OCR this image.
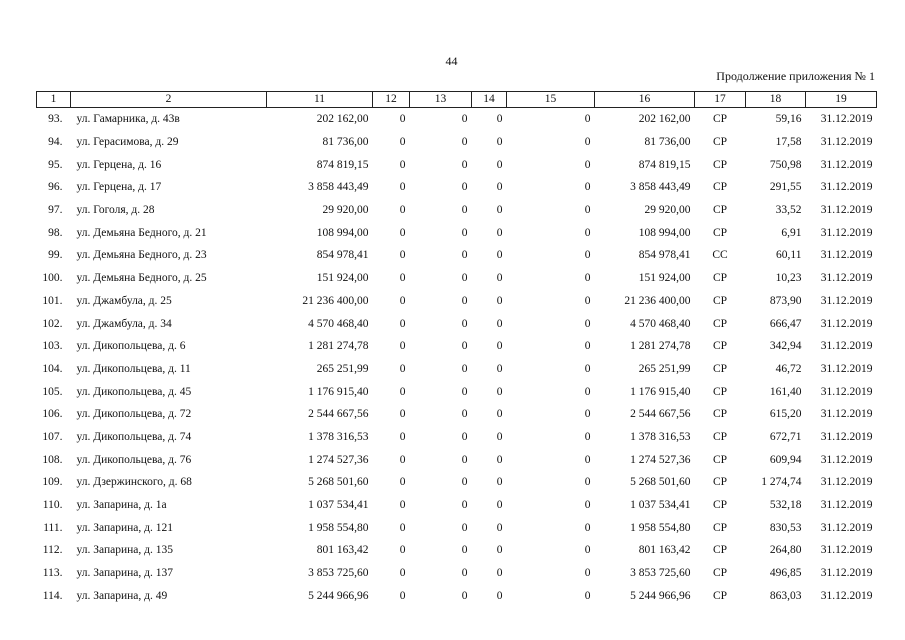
44
Продолжение приложения № 1
1	2	11	12	13	14	15	16	17	18	19
93.	ул. Гамарника, д. 43в	202 162,00	0	0	0	0	202 162,00	СР	59,16	31.12.2019
94.	ул. Герасимова, д. 29	81 736,00	0	0	0	0	81 736,00	СР	17,58	31.12.2019
95.	ул. Герцена, д. 16	874 819,15	0	0	0	0	874 819,15	СР	750,98	31.12.2019
96.	ул. Герцена, д. 17	3 858 443,49	0	0	0	0	3 858 443,49	СР	291,55	31.12.2019
97.	ул. Гоголя, д. 28	29 920,00	0	0	0	0	29 920,00	СР	33,52	31.12.2019
98.	ул. Демьяна Бедного, д. 21	108 994,00	0	0	0	0	108 994,00	СР	6,91	31.12.2019
99.	ул. Демьяна Бедного, д. 23	854 978,41	0	0	0	0	854 978,41	СС	60,11	31.12.2019
100.	ул. Демьяна Бедного, д. 25	151 924,00	0	0	0	0	151 924,00	СР	10,23	31.12.2019
101.	ул. Джамбула, д. 25	21 236 400,00	0	0	0	0	21 236 400,00	СР	873,90	31.12.2019
102.	ул. Джамбула, д. 34	4 570 468,40	0	0	0	0	4 570 468,40	СР	666,47	31.12.2019
103.	ул. Дикопольцева, д. 6	1 281 274,78	0	0	0	0	1 281 274,78	СР	342,94	31.12.2019
104.	ул. Дикопольцева, д. 11	265 251,99	0	0	0	0	265 251,99	СР	46,72	31.12.2019
105.	ул. Дикопольцева, д. 45	1 176 915,40	0	0	0	0	1 176 915,40	СР	161,40	31.12.2019
106.	ул. Дикопольцева, д. 72	2 544 667,56	0	0	0	0	2 544 667,56	СР	615,20	31.12.2019
107.	ул. Дикопольцева, д. 74	1 378 316,53	0	0	0	0	1 378 316,53	СР	672,71	31.12.2019
108.	ул. Дикопольцева, д. 76	1 274 527,36	0	0	0	0	1 274 527,36	СР	609,94	31.12.2019
109.	ул. Дзержинского, д. 68	5 268 501,60	0	0	0	0	5 268 501,60	СР	1 274,74	31.12.2019
110.	ул. Запарина, д. 1а	1 037 534,41	0	0	0	0	1 037 534,41	СР	532,18	31.12.2019
111.	ул. Запарина, д. 121	1 958 554,80	0	0	0	0	1 958 554,80	СР	830,53	31.12.2019
112.	ул. Запарина, д. 135	801 163,42	0	0	0	0	801 163,42	СР	264,80	31.12.2019
113.	ул. Запарина, д. 137	3 853 725,60	0	0	0	0	3 853 725,60	СР	496,85	31.12.2019
114.	ул. Запарина, д. 49	5 244 966,96	0	0	0	0	5 244 966,96	СР	863,03	31.12.2019
